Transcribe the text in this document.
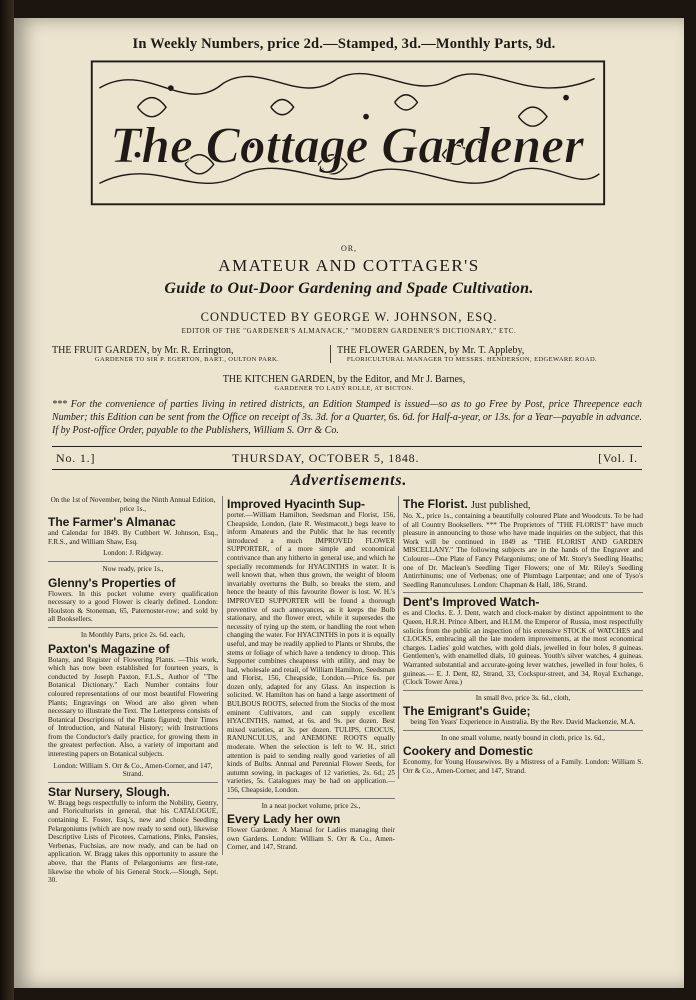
In Weekly Numbers, price 2d.—Stamped, 3d.—Monthly Parts, 9d.
The Cottage Gardener
OR,
AMATEUR AND COTTAGER'S
Guide to Out-Door Gardening and Spade Cultivation.
CONDUCTED BY GEORGE W. JOHNSON, ESQ.
EDITOR OF THE "GARDENER'S ALMANACK," "MODERN GARDENER'S DICTIONARY," ETC.
THE FRUIT GARDEN, by Mr. R. Errington,
GARDENER TO SIR P. EGERTON, BART., OULTON PARK.
THE FLOWER GARDEN, by Mr. T. Appleby,
FLORICULTURAL MANAGER TO MESSRS. HENDERSON, EDGEWARE ROAD.
THE KITCHEN GARDEN, by the Editor, and Mr J. Barnes,
GARDENER TO LADY ROLLE, AT BICTON.
*** For the convenience of parties living in retired districts, an Edition Stamped is issued—so as to go Free by Post, price Threepence each Number; this Edition can be sent from the Office on receipt of 3s. 3d. for a Quarter, 6s. 6d. for Half-a-year, or 13s. for a Year—payable in advance. If by Post-office Order, payable to the Publishers, William S. Orr & Co.
No. 1.]	THURSDAY, OCTOBER 5, 1848.	[Vol. I.
Advertisements.

On the 1st of November, being the Ninth Annual Edition, price 1s.,

The Farmer's Almanac

and Calendar for 1849. By Cuthbert W. Johnson, Esq., F.R.S., and William Shaw, Esq.

London: J. Ridgway.

Now ready, price 1s.,

Glenny's Properties of

Flowers. In this pocket volume every qualification necessary to a good Flower is clearly defined. London: Houlston & Stoneman, 65, Paternoster-row; and sold by all Booksellers.

In Monthly Parts, price 2s. 6d. each,

Paxton's Magazine of

Botany, and Register of Flowering Plants. —This work, which has now been established for fourteen years, is conducted by Joseph Paxton, F.L.S., Author of "The Botanical Dictionary." Each Number contains four coloured representations of our most beautiful Flowering Plants; Engravings on Wood are also given when necessary to illustrate the Text. The Letterpress consists of Botanical Descriptions of the Plants figured; their Times of Introduction, and Natural History; with Instructions from the Conductor's daily practice, for growing them in the greatest perfection. Also, a variety of important and interesting papers on Botanical subjects.

London: William S. Orr & Co., Amen-Corner, and 147, Strand.

Star Nursery, Slough.

W. Bragg begs respectfully to inform the Nobility, Gentry, and Floriculturists in general, that his CATALOGUE, containing E. Foster, Esq.'s, new and choice Seedling Pelargoniums (which are now ready to send out), likewise Descriptive Lists of Picotees, Carnations, Pinks, Pansies, Verbenas, Fuchsias, are now ready, and can be had on application. W. Bragg takes this opportunity to assure the above, that the Plants of Pelargoniums are first-rate, likewise the whole of his General Stock.—Slough, Sept. 30.

Improved Hyacinth Sup-

porter.—William Hamilton, Seedsman and Florist, 156, Cheapside, London, (late R. Westmacott,) begs leave to inform Amateurs and the Public that he has recently introduced a much IMPROVED FLOWER SUPPORTER, of a more simple and economical contrivance than any hitherto in general use, and which he specially recommends for HYACINTHS in water. It is well known that, when thus grown, the weight of bloom invariably overturns the Bulb, so breaks the stem, and hence the beauty of this favourite flower is lost. W. H.'s IMPROVED SUPPORTER will be found a thorough preventive of such annoyances, as it keeps the Bulb stationary, and the flower erect, while it supersedes the necessity of tying up the stem, or handling the root when changing the water. For HYACINTHS in pots it is equally useful, and may be readily applied to Plants or Shrubs, the stems or foliage of which have a tendency to droop. This Supporter combines cheapness with utility, and may be had, wholesale and retail, of William Hamilton, Seedsman and Florist, 156, Cheapside, London.—Price 6s. per dozen only, adapted for any Glass. An inspection is solicited. W. Hamilton has on hand a large assortment of BULBOUS ROOTS, selected from the Stocks of the most eminent Cultivators, and can supply excellent HYACINTHS, named, at 6s. and 9s. per dozen. Best mixed varieties, at 3s. per dozen. TULIPS, CROCUS, RANUNCULUS, and ANEMONE ROOTS equally moderate. When the selection is left to W. H., strict attention is paid to sending really good varieties of all kinds of Bulbs. Annual and Perennial Flower Seeds, for autumn sowing, in packages of 12 varieties, 2s. 6d.; 25 varieties, 5s. Catalogues may be had on application.—156, Cheapside, London.

In a neat pocket volume, price 2s.,

Every Lady her own

Flower Gardener. A Manual for Ladies managing their own Gardens. London: William S. Orr & Co., Amen-Corner, and 147, Strand.

The Florist. Just published,

No. X., price 1s., containing a beautifully coloured Plate and Woodcuts. To be had of all Country Booksellers. *** The Proprietors of "THE FLORIST" have much pleasure in announcing to those who have made inquiries on the subject, that this Work will be continued in 1849 as "THE FLORIST AND GARDEN MISCELLANY." The following subjects are in the hands of the Engraver and Colourer—One Plate of Fancy Pelargoniums; one of Mr. Story's Seedling Heaths; one of Dr. Maclean's Seedling Tiger Flowers; one of Mr. Riley's Seedling Antirrhinums; one of Verbenas; one of Plumbago Larpentae; and one of Tyso's Seedling Ranunculuses. London: Chapman & Hall, 186, Strand.

Dent's Improved Watch-

es and Clocks. E. J. Dent, watch and clock-maker by distinct appointment to the Queen, H.R.H. Prince Albert, and H.I.M. the Emperor of Russia, most respectfully solicits from the public an inspection of his extensive STOCK of WATCHES and CLOCKS, embracing all the late modern improvements, at the most economical charges. Ladies' gold watches, with gold dials, jewelled in four holes, 8 guineas. Gentlemen's, with enamelled dials, 10 guineas. Youth's silver watches, 4 guineas. Warranted substantial and accurate-going lever watches, jewelled in four holes, 6 guineas.— E. J. Dent, 82, Strand, 33, Cockspur-street, and 34, Royal Exchange, (Clock Tower Area.)

In small 8vo, price 3s. 6d., cloth,

The Emigrant's Guide;

being Ten Years' Experience in Australia. By the Rev. David Mackenzie, M.A.

In one small volume, neatly bound in cloth, price 1s. 6d.,

Cookery and Domestic

Economy, for Young Housewives. By a Mistress of a Family. London: William S. Orr & Co., Amen-Corner, and 147, Strand.
